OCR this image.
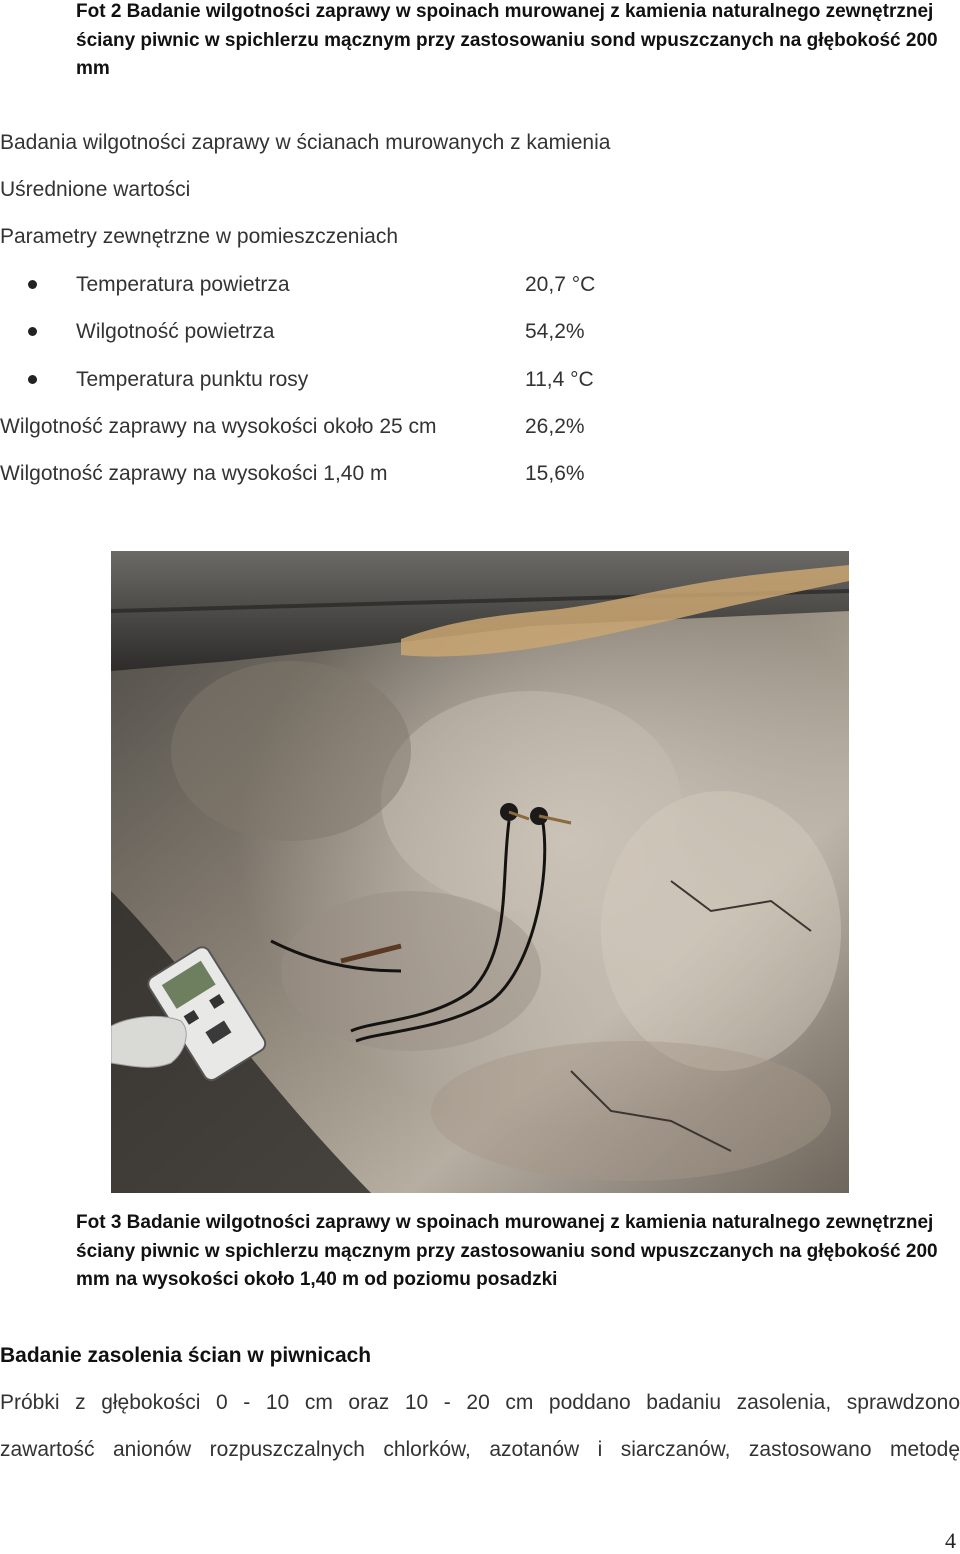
Fot 2 Badanie wilgotności zaprawy w spoinach murowanej z kamienia naturalnego zewnętrznej ściany piwnic w spichlerzu mącznym przy zastosowaniu sond wpuszczanych na głębokość 200 mm
Badania wilgotności zaprawy w ścianach murowanych z kamienia
Uśrednione wartości
Parametry zewnętrzne w pomieszczeniach
Temperatura powietrza	20,7 °C
Wilgotność powietrza	54,2%
Temperatura punktu rosy	11,4 °C
Wilgotność zaprawy na wysokości około 25 cm	26,2%
Wilgotność zaprawy na wysokości 1,40 m	15,6%
Fot 3 Badanie wilgotności zaprawy w spoinach murowanej z kamienia naturalnego zewnętrznej ściany piwnic w spichlerzu mącznym przy zastosowaniu sond wpuszczanych na głębokość 200 mm na wysokości około 1,40 m od poziomu posadzki
Badanie zasolenia ścian w piwnicach
Próbki z głębokości 0 - 10 cm oraz 10 - 20 cm poddano badaniu zasolenia, sprawdzono
zawartość anionów rozpuszczalnych chlorków, azotanów i siarczanów, zastosowano metodę
4
